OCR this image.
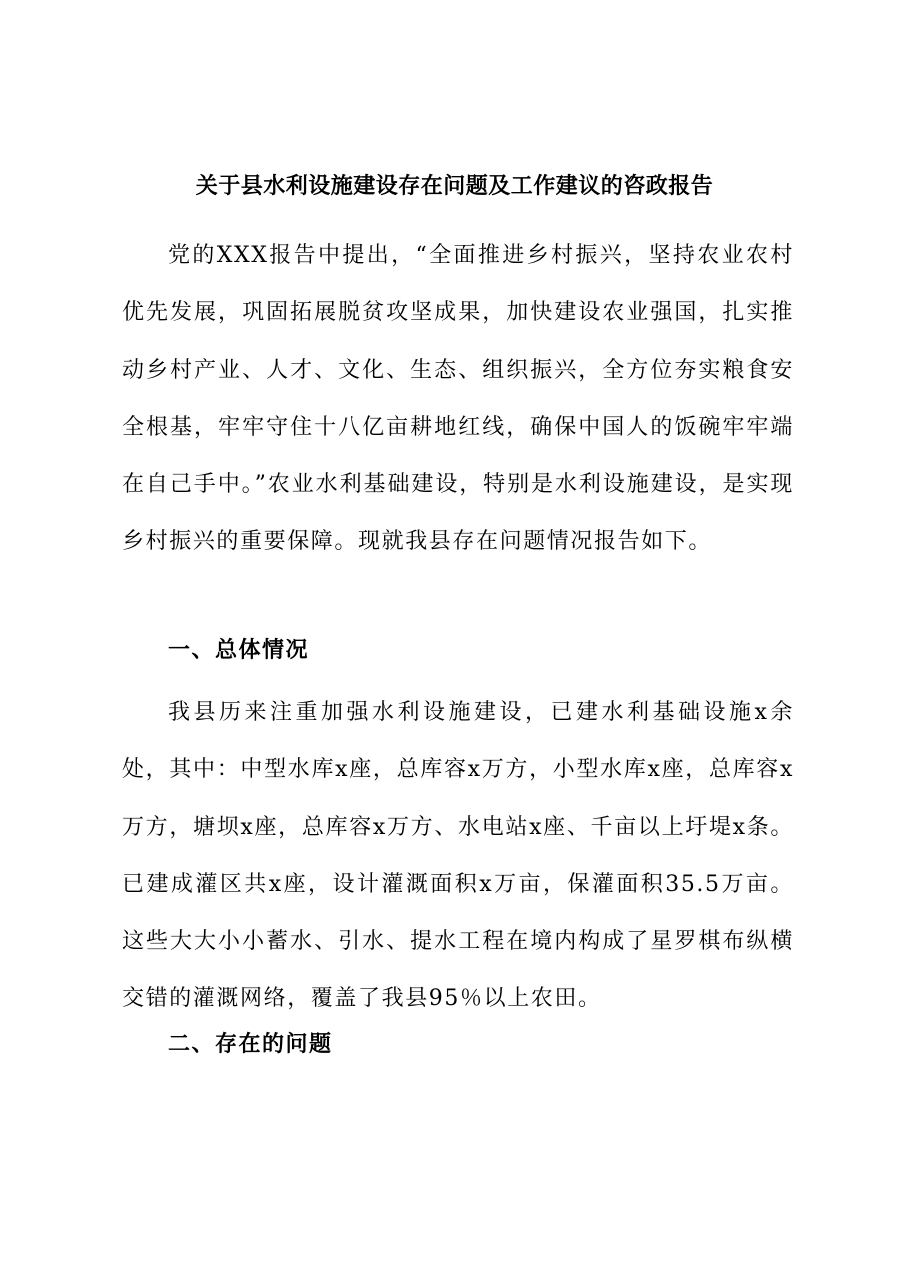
关于县水利设施建设存在问题及工作建议的咨政报告

党的XXX报告中提出，“全面推进乡村振兴，坚持农业农村优先发展，巩固拓展脱贫攻坚成果，加快建设农业强国，扎实推动乡村产业、人才、文化、生态、组织振兴，全方位夯实粮食安全根基，牢牢守住十八亿亩耕地红线，确保中国人的饭碗牢牢端在自己手中。”农业水利基础建设，特别是水利设施建设，是实现乡村振兴的重要保障。现就我县存在问题情况报告如下。

一、总体情况

我县历来注重加强水利设施建设，已建水利基础设施x余处，其中：中型水库x座，总库容x万方，小型水库x座，总库容x万方，塘坝x座，总库容x万方、水电站x座、千亩以上圩堤x条。已建成灌区共x座，设计灌溉面积x万亩，保灌面积35.5万亩。这些大大小小蓄水、引水、提水工程在境内构成了星罗棋布纵横交错的灌溉网络，覆盖了我县95％以上农田。

二、存在的问题
